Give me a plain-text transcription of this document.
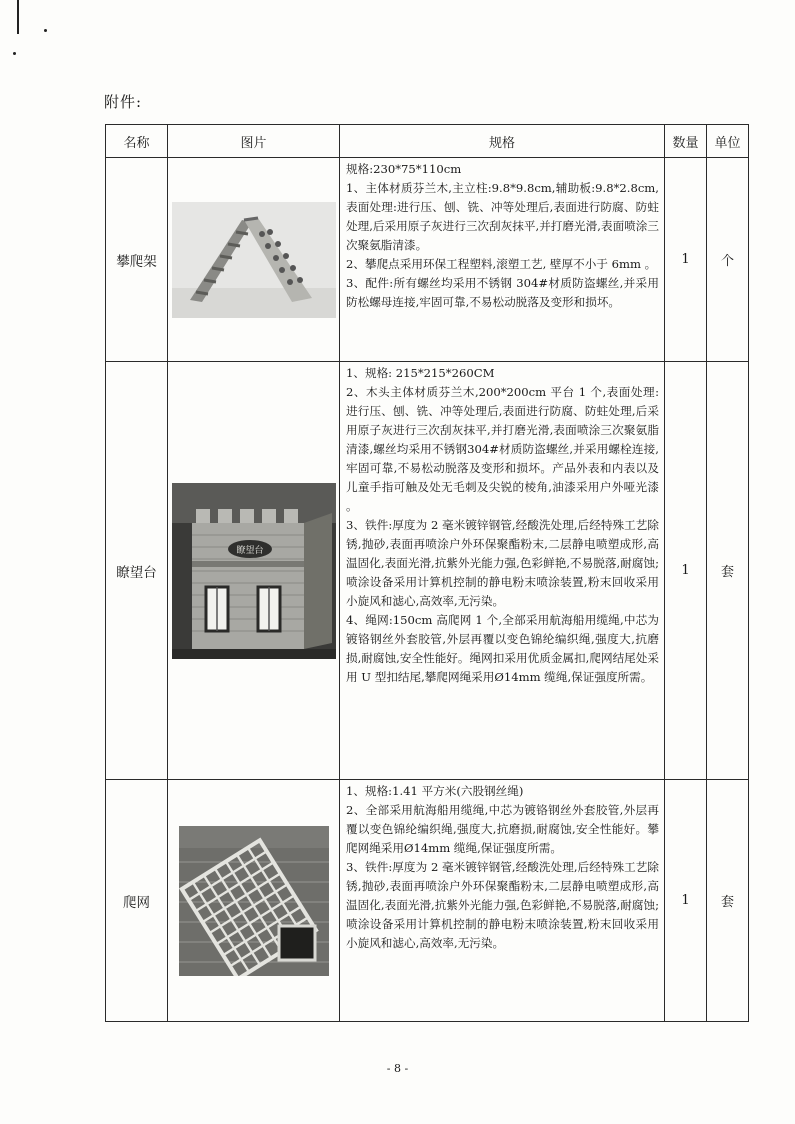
附件:
名称	图片	规格	数量	单位
攀爬架		规格:230*75*110cm

1、主体材质芬兰木,主立柱:9.8*9.8cm,辅助板:9.8*2.8cm,表面处理:进行压、刨、铣、冲等处理后,表面进行防腐、防蛀处理,后采用原子灰进行三次刮灰抹平,并打磨光滑,表面喷涂三次聚氨脂清漆。

2、攀爬点采用环保工程塑料,滚塑工艺, 壁厚不小于 6mm 。

3、配件:所有螺丝均采用不锈钢 304#材质防盗螺丝,并采用防松螺母连接,牢固可靠,不易松动脱落及变形和损坏。	1	个
瞭望台	瞭望台	1、规格: 215*215*260CM

2、木头主体材质芬兰木,200*200cm 平台 1 个,表面处理:进行压、刨、铣、冲等处理后,表面进行防腐、防蛀处理,后采用原子灰进行三次刮灰抹平,并打磨光滑,表面喷涂三次聚氨脂清漆,螺丝均采用不锈钢304#材质防盗螺丝,并采用螺栓连接,牢固可靠,不易松动脱落及变形和损坏。产品外表和内表以及儿童手指可触及处无毛刺及尖锐的棱角,油漆采用户外哑光漆 。

3、铁件:厚度为 2 毫米镀锌钢管,经酸洗处理,后经特殊工艺除锈,抛砂,表面再喷涂户外环保聚酯粉末,二层静电喷塑成形,高温固化,表面光滑,抗紫外光能力强,色彩鲜艳,不易脱落,耐腐蚀;喷涂设备采用计算机控制的静电粉末喷涂装置,粉末回收采用小旋风和滤心,高效率,无污染。

4、绳网:150cm 高爬网 1 个,全部采用航海船用缆绳,中芯为镀铬钢丝外套胶管,外层再覆以变色锦纶编织绳,强度大,抗磨损,耐腐蚀,安全性能好。绳网扣采用优质金属扣,爬网结尾处采用 U 型扣结尾,攀爬网绳采用Ø14mm 缆绳,保证强度所需。	1	套
爬网		1、规格:1.41 平方米(六股钢丝绳)

2、全部采用航海船用缆绳,中芯为镀铬钢丝外套胶管,外层再覆以变色锦纶编织绳,强度大,抗磨损,耐腐蚀,安全性能好。攀爬网绳采用Ø14mm 缆绳,保证强度所需。

3、铁件:厚度为 2 毫米镀锌钢管,经酸洗处理,后经特殊工艺除锈,抛砂,表面再喷涂户外环保聚酯粉末,二层静电喷塑成形,高温固化,表面光滑,抗紫外光能力强,色彩鲜艳,不易脱落,耐腐蚀;喷涂设备采用计算机控制的静电粉末喷涂装置,粉末回收采用小旋风和滤心,高效率,无污染。	1	套
- 8 -
